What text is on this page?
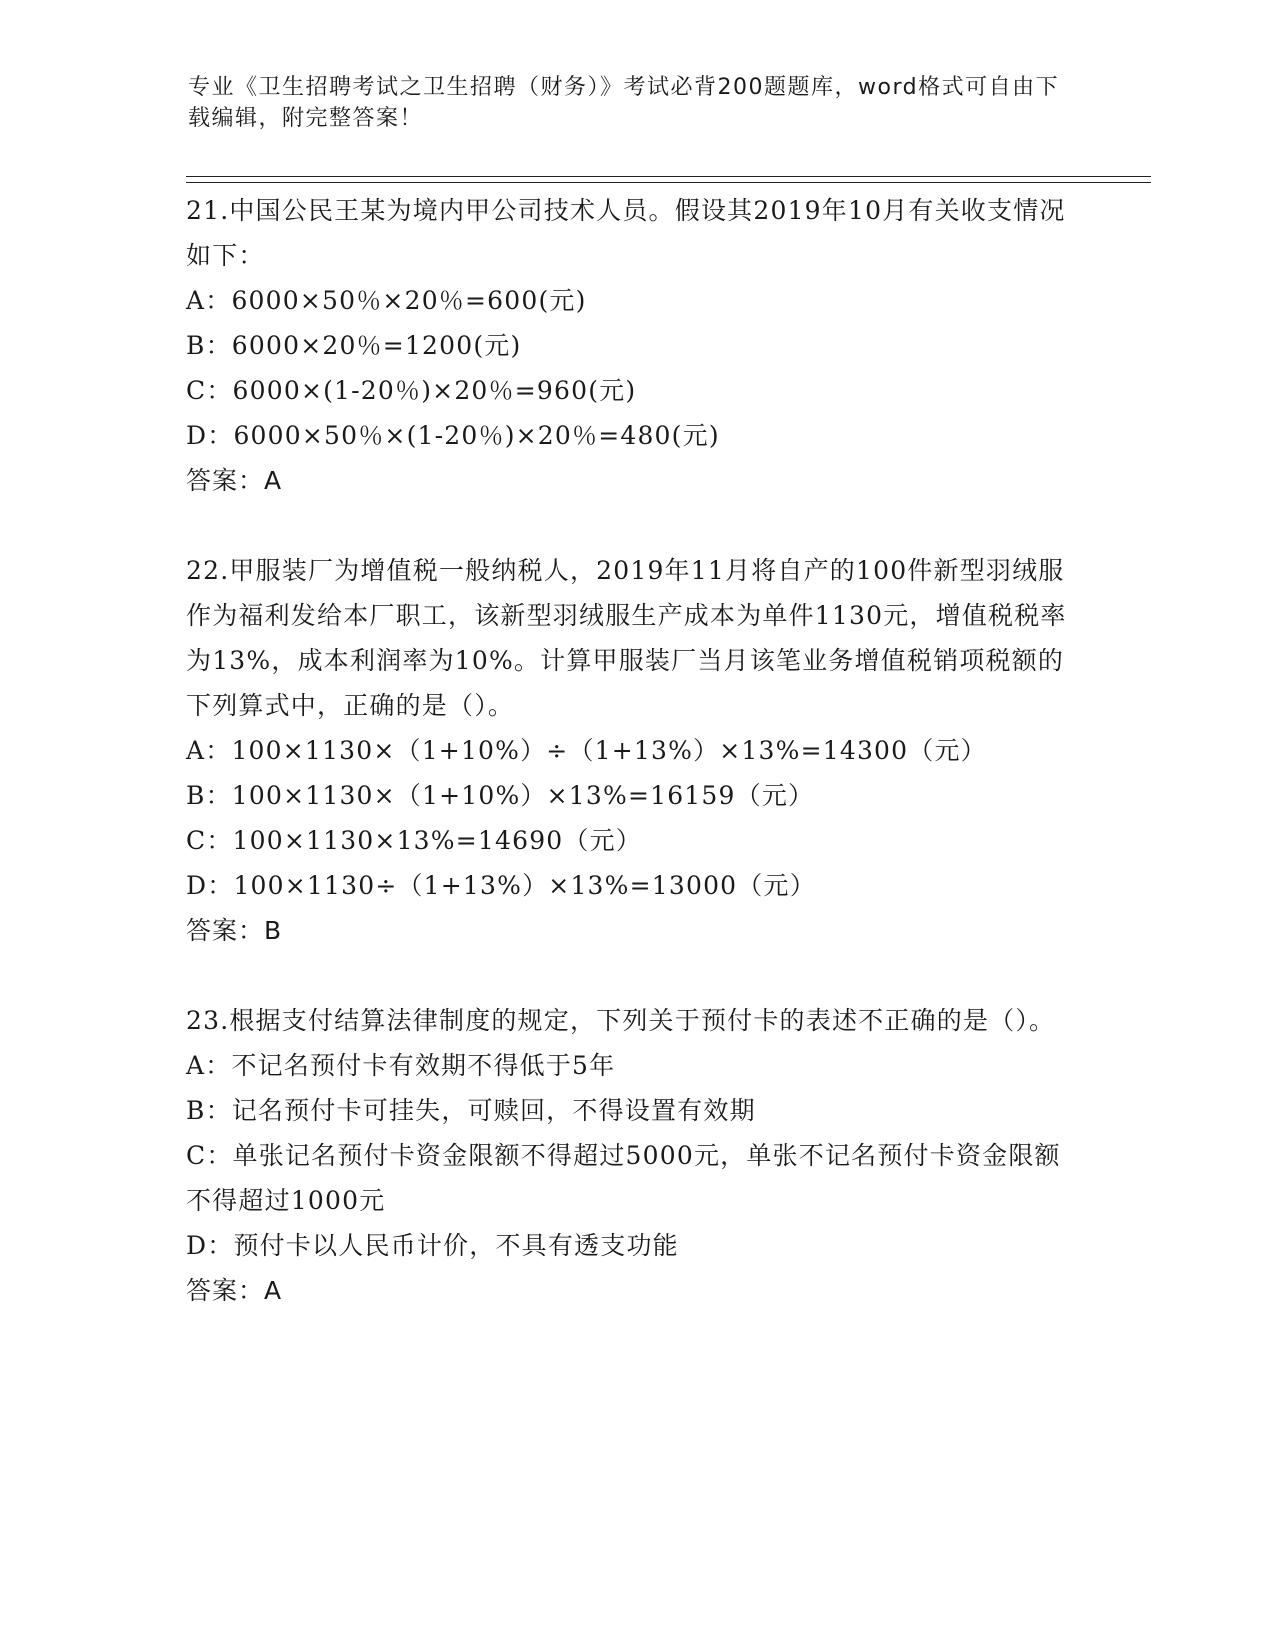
专业《卫生招聘考试之卫生招聘（财务）》考试必背200题题库，word格式可自由下载编辑，附完整答案！

21.中国公民王某为境内甲公司技术人员。假设其2019年10月有关收支情况如下：

A：6000×50％×20％=600(元)

B：6000×20％=1200(元)

C：6000×(1-20％)×20％=960(元)

D：6000×50％×(1-20％)×20％=480(元)

答案：A

22.甲服装厂为增值税一般纳税人，2019年11月将自产的100件新型羽绒服作为福利发给本厂职工，该新型羽绒服生产成本为单件1130元，增值税税率为13%，成本利润率为10%。计算甲服装厂当月该笔业务增值税销项税额的下列算式中，正确的是（）。

A：100×1130×（1+10%）÷（1+13%）×13%=14300（元）

B：100×1130×（1+10%）×13%=16159（元）

C：100×1130×13%=14690（元）

D：100×1130÷（1+13%）×13%=13000（元）

答案：B

23.根据支付结算法律制度的规定，下列关于预付卡的表述不正确的是（）。

A：不记名预付卡有效期不得低于5年

B：记名预付卡可挂失，可赎回，不得设置有效期

C：单张记名预付卡资金限额不得超过5000元，单张不记名预付卡资金限额不得超过1000元

D：预付卡以人民币计价，不具有透支功能

答案：A
